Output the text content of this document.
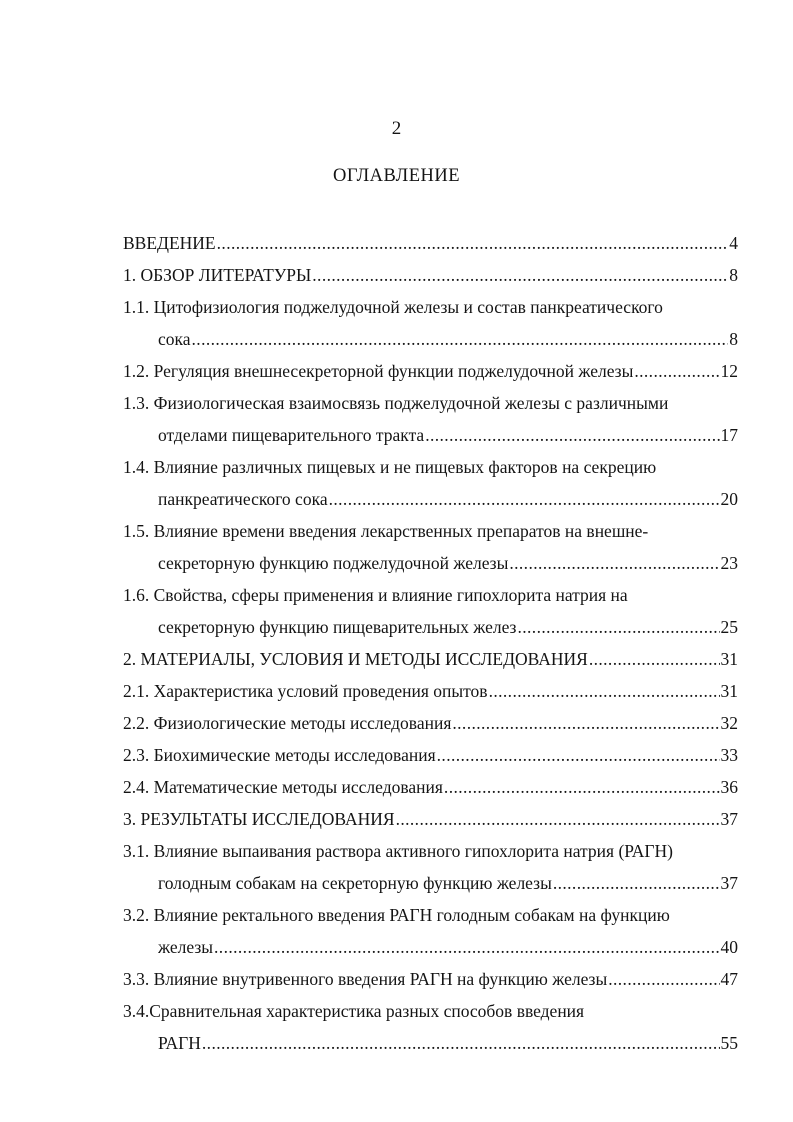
2
ОГЛАВЛЕНИЕ
ВВЕДЕНИЕ .....	4
1. ОБЗОР ЛИТЕРАТУРЫ .....	8
1.1. Цитофизиология поджелудочной железы и состав панкреатического
сока .....	8
1.2. Регуляция внешнесекреторной функции поджелудочной железы .....	12
1.3. Физиологическая взаимосвязь поджелудочной железы с различными
отделами пищеварительного тракта .....	17
1.4. Влияние различных пищевых и не пищевых факторов на секрецию
панкреатического сока .....	20
1.5. Влияние времени введения лекарственных препаратов на внешне-
секреторную функцию поджелудочной железы .....	23
1.6. Свойства, сферы применения и влияние гипохлорита натрия на
секреторную функцию пищеварительных желез .....	25
2. МАТЕРИАЛЫ, УСЛОВИЯ И МЕТОДЫ ИССЛЕДОВАНИЯ .....	31
2.1. Характеристика условий проведения опытов .....	31
2.2. Физиологические методы исследования .....	32
2.3. Биохимические методы исследования .....	33
2.4. Математические методы исследования .....	36
3. РЕЗУЛЬТАТЫ ИССЛЕДОВАНИЯ .....	37
3.1. Влияние выпаивания раствора активного гипохлорита натрия (РАГН)
голодным собакам на секреторную функцию железы .....	37
3.2. Влияние ректального введения РАГН голодным собакам на функцию
железы .....	40
3.3. Влияние внутривенного введения РАГН на функцию железы .....	47
3.4.Сравнительная характеристика разных способов введения
РАГН .....	55
